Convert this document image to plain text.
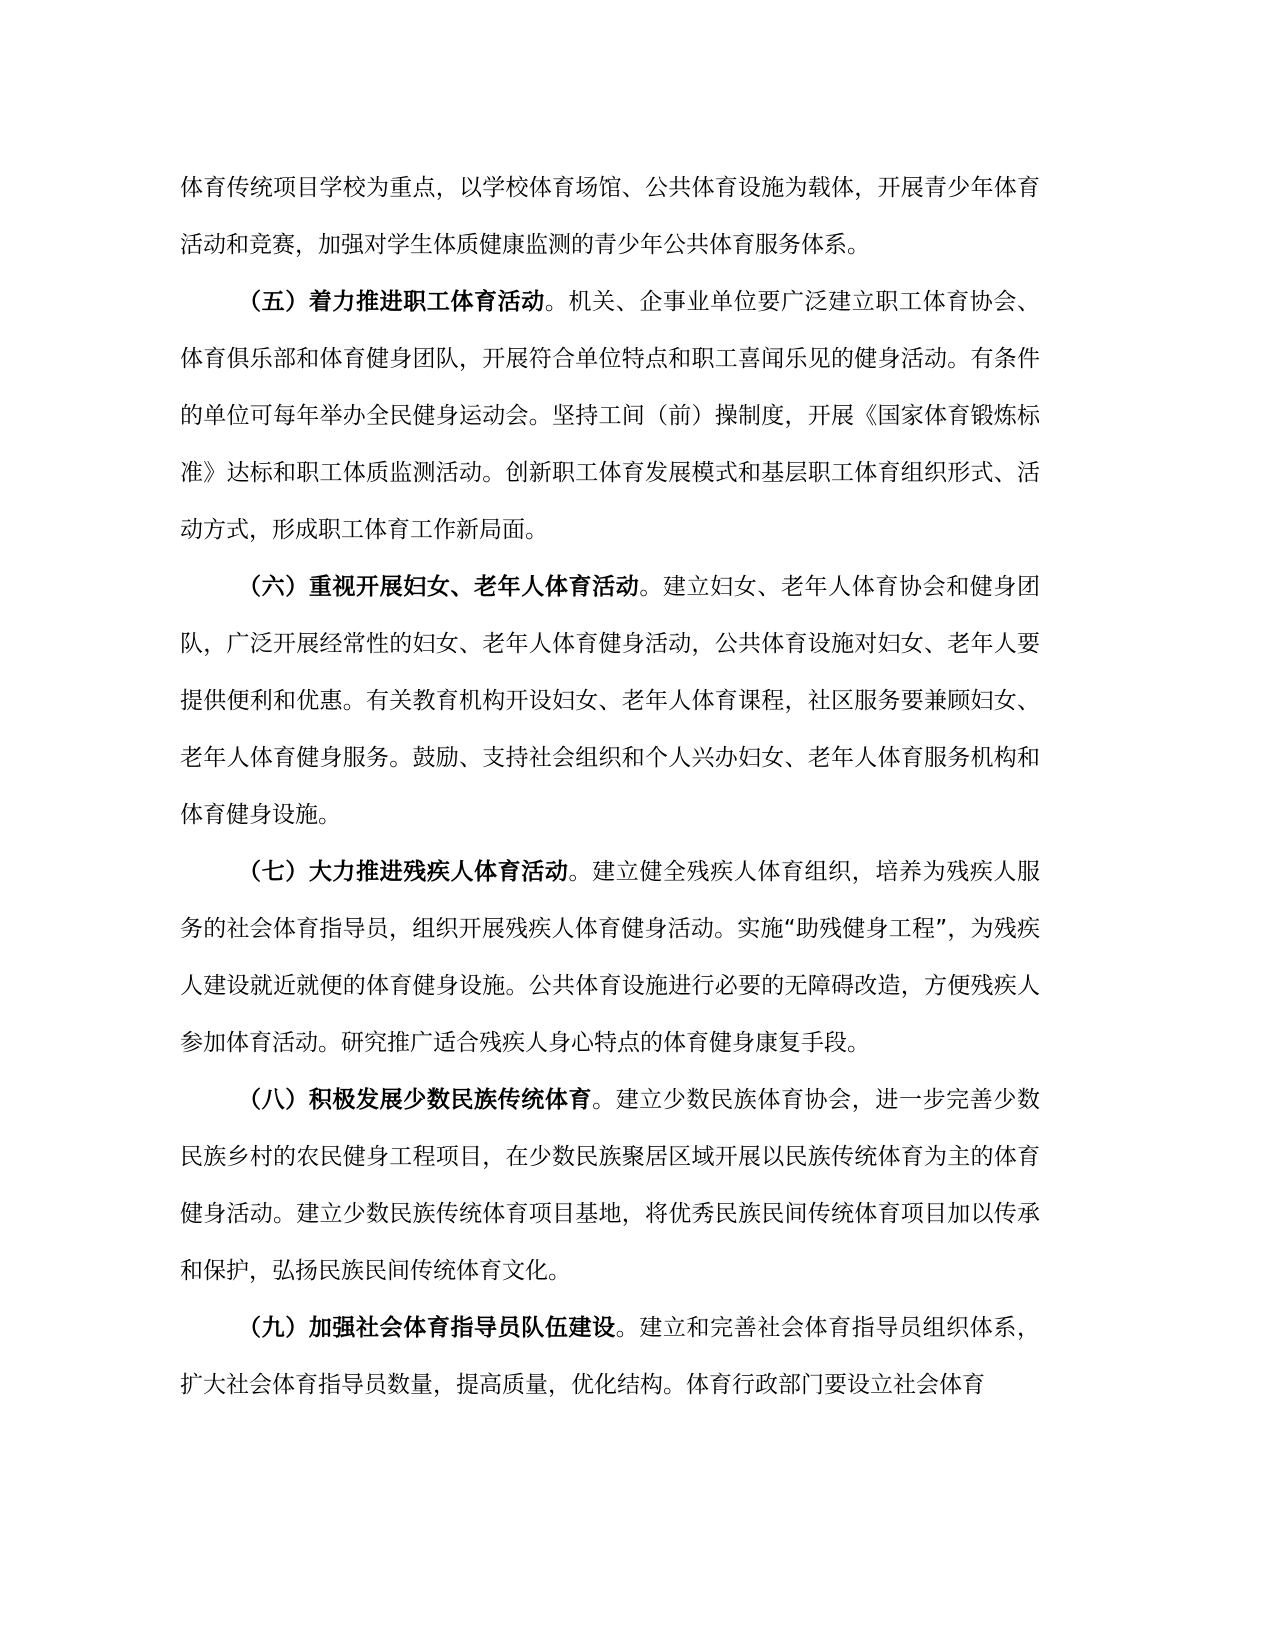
体育传统项目学校为重点，以学校体育场馆、公共体育设施为载体，开展青少年体育活动和竞赛，加强对学生体质健康监测的青少年公共体育服务体系。

（五）着力推进职工体育活动。机关、企事业单位要广泛建立职工体育协会、体育俱乐部和体育健身团队，开展符合单位特点和职工喜闻乐见的健身活动。有条件的单位可每年举办全民健身运动会。坚持工间（前）操制度，开展《国家体育锻炼标准》达标和职工体质监测活动。创新职工体育发展模式和基层职工体育组织形式、活动方式，形成职工体育工作新局面。

（六）重视开展妇女、老年人体育活动。建立妇女、老年人体育协会和健身团队，广泛开展经常性的妇女、老年人体育健身活动，公共体育设施对妇女、老年人要提供便利和优惠。有关教育机构开设妇女、老年人体育课程，社区服务要兼顾妇女、老年人体育健身服务。鼓励、支持社会组织和个人兴办妇女、老年人体育服务机构和体育健身设施。

（七）大力推进残疾人体育活动。建立健全残疾人体育组织，培养为残疾人服务的社会体育指导员，组织开展残疾人体育健身活动。实施“助残健身工程”，为残疾人建设就近就便的体育健身设施。公共体育设施进行必要的无障碍改造，方便残疾人参加体育活动。研究推广适合残疾人身心特点的体育健身康复手段。

（八）积极发展少数民族传统体育。建立少数民族体育协会，进一步完善少数民族乡村的农民健身工程项目，在少数民族聚居区域开展以民族传统体育为主的体育健身活动。建立少数民族传统体育项目基地，将优秀民族民间传统体育项目加以传承和保护，弘扬民族民间传统体育文化。

（九）加强社会体育指导员队伍建设。建立和完善社会体育指导员组织体系，扩大社会体育指导员数量，提高质量，优化结构。体育行政部门要设立社会体育
